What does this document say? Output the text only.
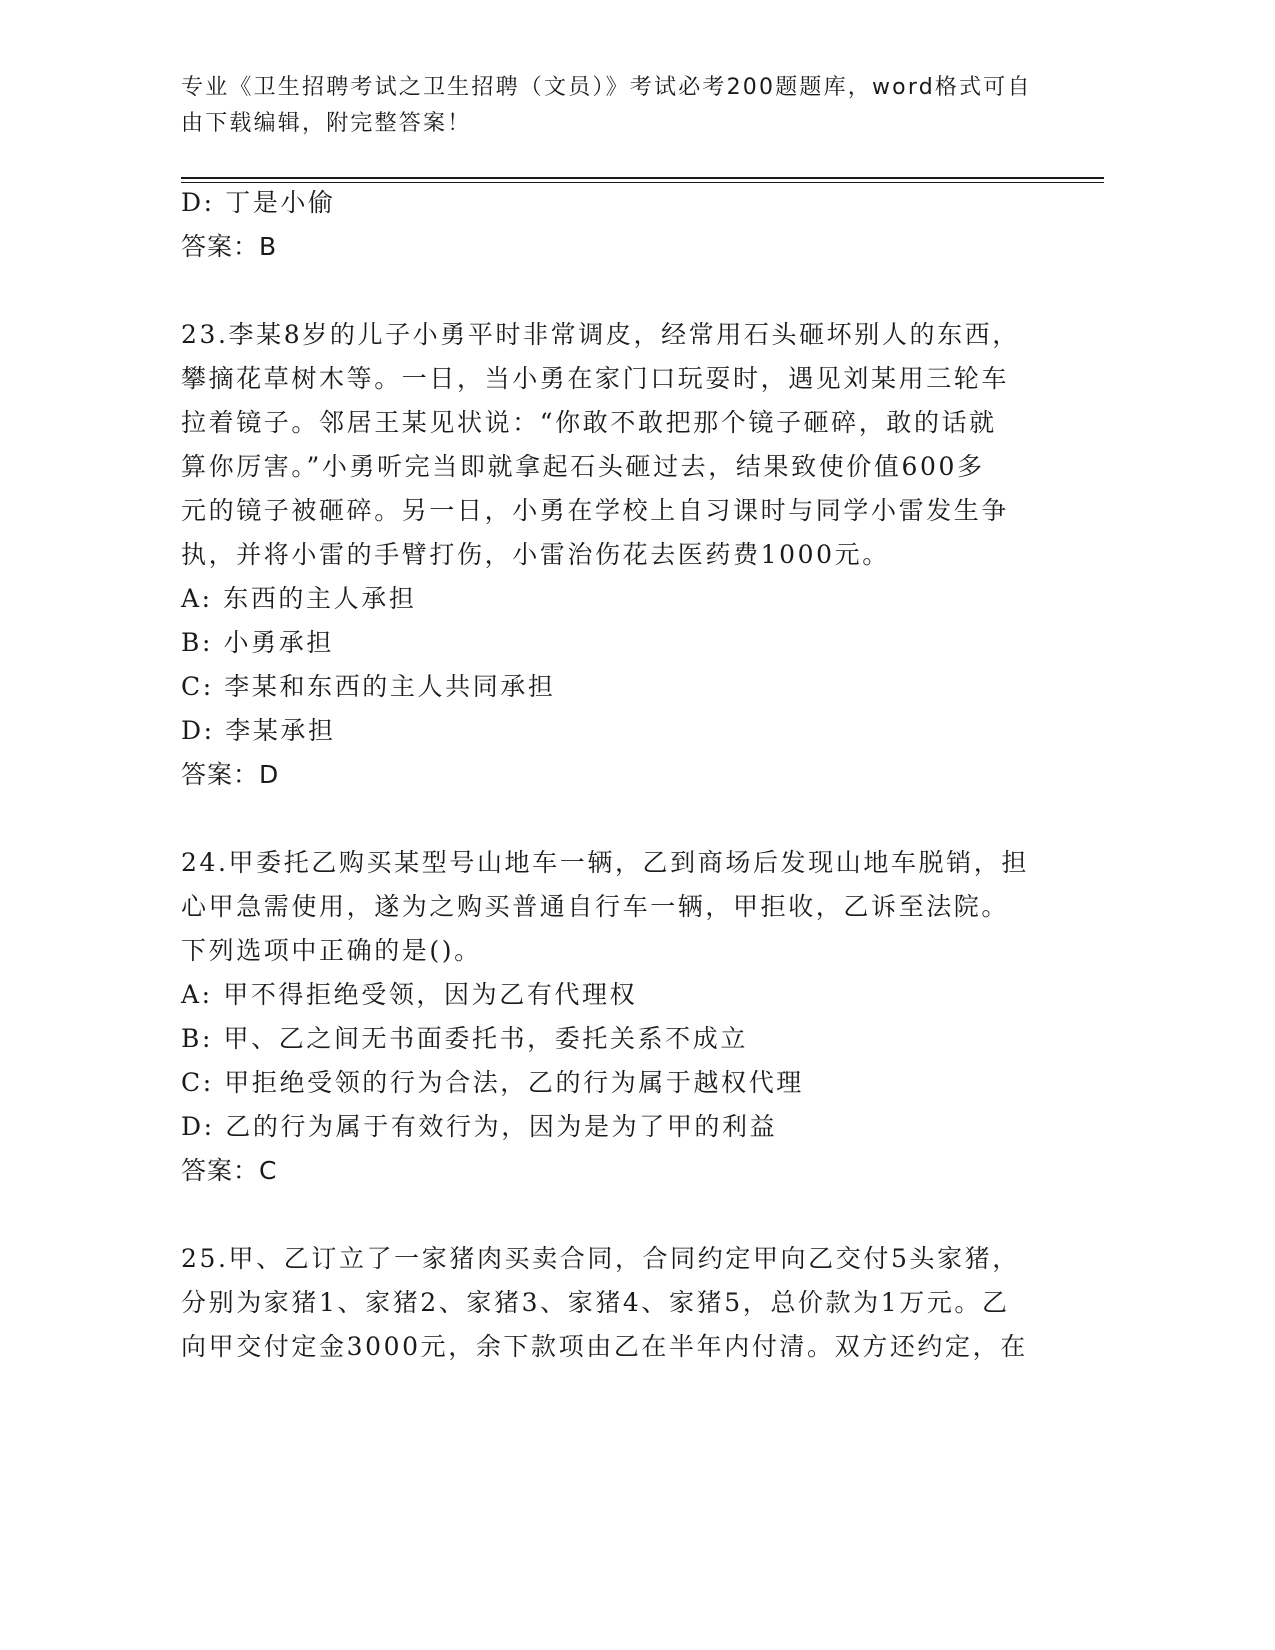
专业《卫生招聘考试之卫生招聘（文员）》考试必考200题题库，word格式可自
由下载编辑，附完整答案！
D: 丁是小偷
答案：B
23.李某8岁的儿子小勇平时非常调皮，经常用石头砸坏别人的东西，
攀摘花草树木等。一日，当小勇在家门口玩耍时，遇见刘某用三轮车
拉着镜子。邻居王某见状说：“你敢不敢把那个镜子砸碎，敢的话就
算你厉害。”小勇听完当即就拿起石头砸过去，结果致使价值600多
元的镜子被砸碎。另一日，小勇在学校上自习课时与同学小雷发生争
执，并将小雷的手臂打伤，小雷治伤花去医药费1000元。
A: 东西的主人承担
B: 小勇承担
C: 李某和东西的主人共同承担
D: 李某承担
答案：D
24.甲委托乙购买某型号山地车一辆，乙到商场后发现山地车脱销，担
心甲急需使用，遂为之购买普通自行车一辆，甲拒收，乙诉至法院。
下列选项中正确的是()。
A: 甲不得拒绝受领，因为乙有代理权
B: 甲、乙之间无书面委托书，委托关系不成立
C: 甲拒绝受领的行为合法，乙的行为属于越权代理
D: 乙的行为属于有效行为，因为是为了甲的利益
答案：C
25.甲、乙订立了一家猪肉买卖合同，合同约定甲向乙交付5头家猪，
分别为家猪1、家猪2、家猪3、家猪4、家猪5，总价款为1万元。乙
向甲交付定金3000元，余下款项由乙在半年内付清。双方还约定，在
